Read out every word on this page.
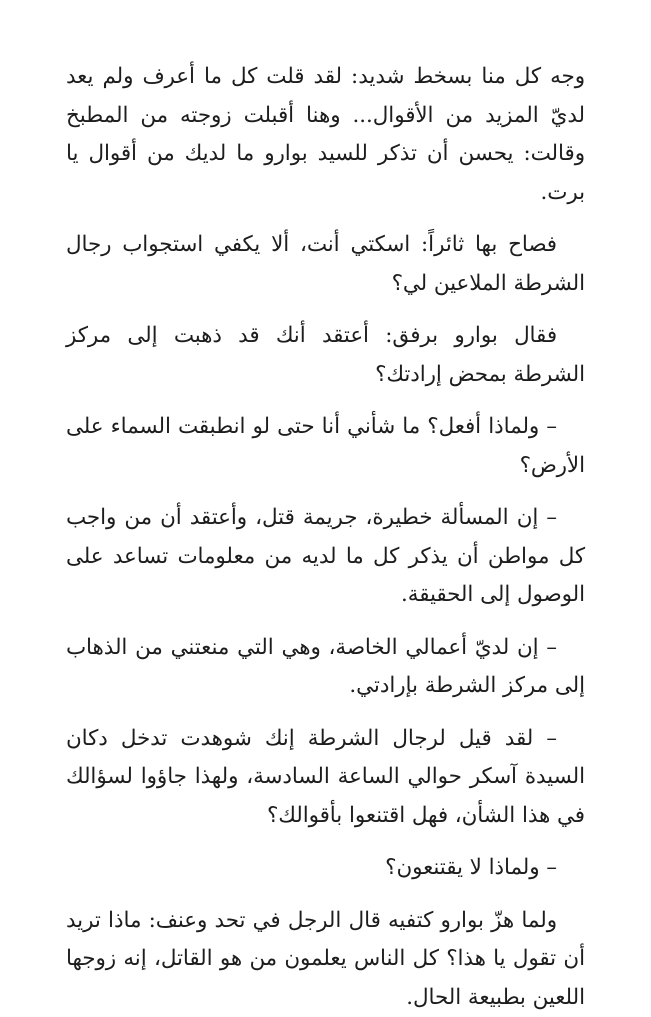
وجه كل منا بسخط شديد: لقد قلت كل ما أعرف ولم يعد لديّ المزيد من الأقوال... وهنا أقبلت زوجته من المطبخ وقالت: يحسن أن تذكر للسيد بوارو ما لديك من أقوال يا برت.

فصاح بها ثائراً: اسكتي أنت، ألا يكفي استجواب رجال الشرطة الملاعين لي؟

فقال بوارو برفق: أعتقد أنك قد ذهبت إلى مركز الشرطة بمحض إرادتك؟

– ولماذا أفعل؟ ما شأني أنا حتى لو انطبقت السماء على الأرض؟

– إن المسألة خطيرة، جريمة قتل، وأعتقد أن من واجب كل مواطن أن يذكر كل ما لديه من معلومات تساعد على الوصول إلى الحقيقة.

– إن لديّ أعمالي الخاصة، وهي التي منعتني من الذهاب إلى مركز الشرطة بإرادتي.

– لقد قيل لرجال الشرطة إنك شوهدت تدخل دكان السيدة آسكر حوالي الساعة السادسة، ولهذا جاؤوا لسؤالك في هذا الشأن، فهل اقتنعوا بأقوالك؟

– ولماذا لا يقتنعون؟

ولما هزّ بوارو كتفيه قال الرجل في تحد وعنف: ماذا تريد أن تقول يا هذا؟ كل الناس يعلمون من هو القاتل، إنه زوجها اللعين بطبيعة الحال.
